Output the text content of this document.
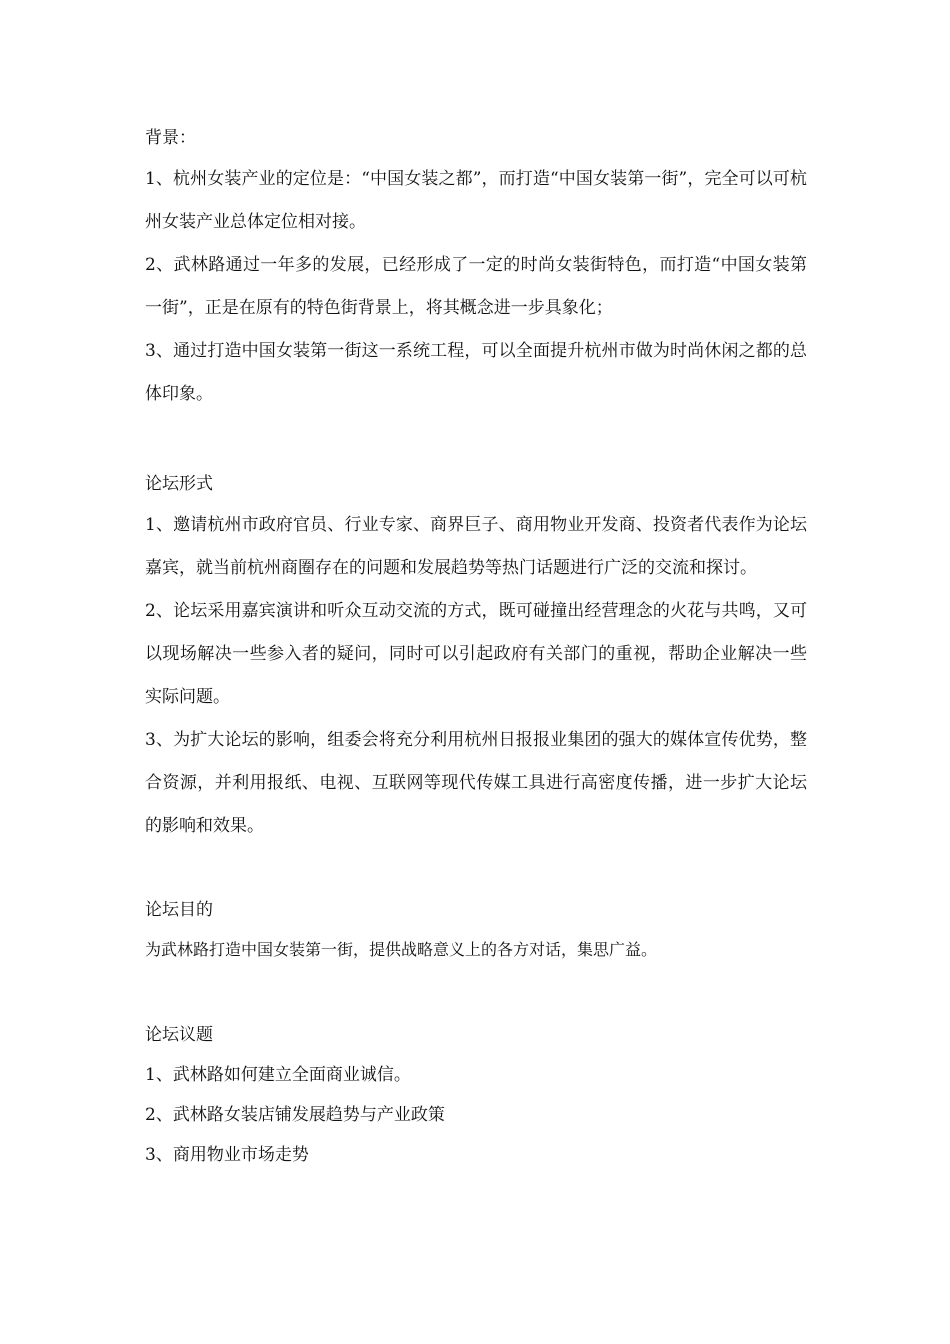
背景：

1、杭州女装产业的定位是：“中国女装之都”，而打造“中国女装第一街”，完全可以可杭州女装产业总体定位相对接。

2、武林路通过一年多的发展，已经形成了一定的时尚女装街特色，而打造“中国女装第一街”，正是在原有的特色街背景上，将其概念进一步具象化；

3、通过打造中国女装第一街这一系统工程，可以全面提升杭州市做为时尚休闲之都的总体印象。

论坛形式

1、邀请杭州市政府官员、行业专家、商界巨子、商用物业开发商、投资者代表作为论坛嘉宾，就当前杭州商圈存在的问题和发展趋势等热门话题进行广泛的交流和探讨。

2、论坛采用嘉宾演讲和听众互动交流的方式，既可碰撞出经营理念的火花与共鸣，又可以现场解决一些参入者的疑问，同时可以引起政府有关部门的重视，帮助企业解决一些实际问题。

3、为扩大论坛的影响，组委会将充分利用杭州日报报业集团的强大的媒体宣传优势，整合资源，并利用报纸、电视、互联网等现代传媒工具进行高密度传播，进一步扩大论坛的影响和效果。

论坛目的

为武林路打造中国女装第一街，提供战略意义上的各方对话，集思广益。

论坛议题

1、武林路如何建立全面商业诚信。

2、武林路女装店铺发展趋势与产业政策

3、商用物业市场走势
